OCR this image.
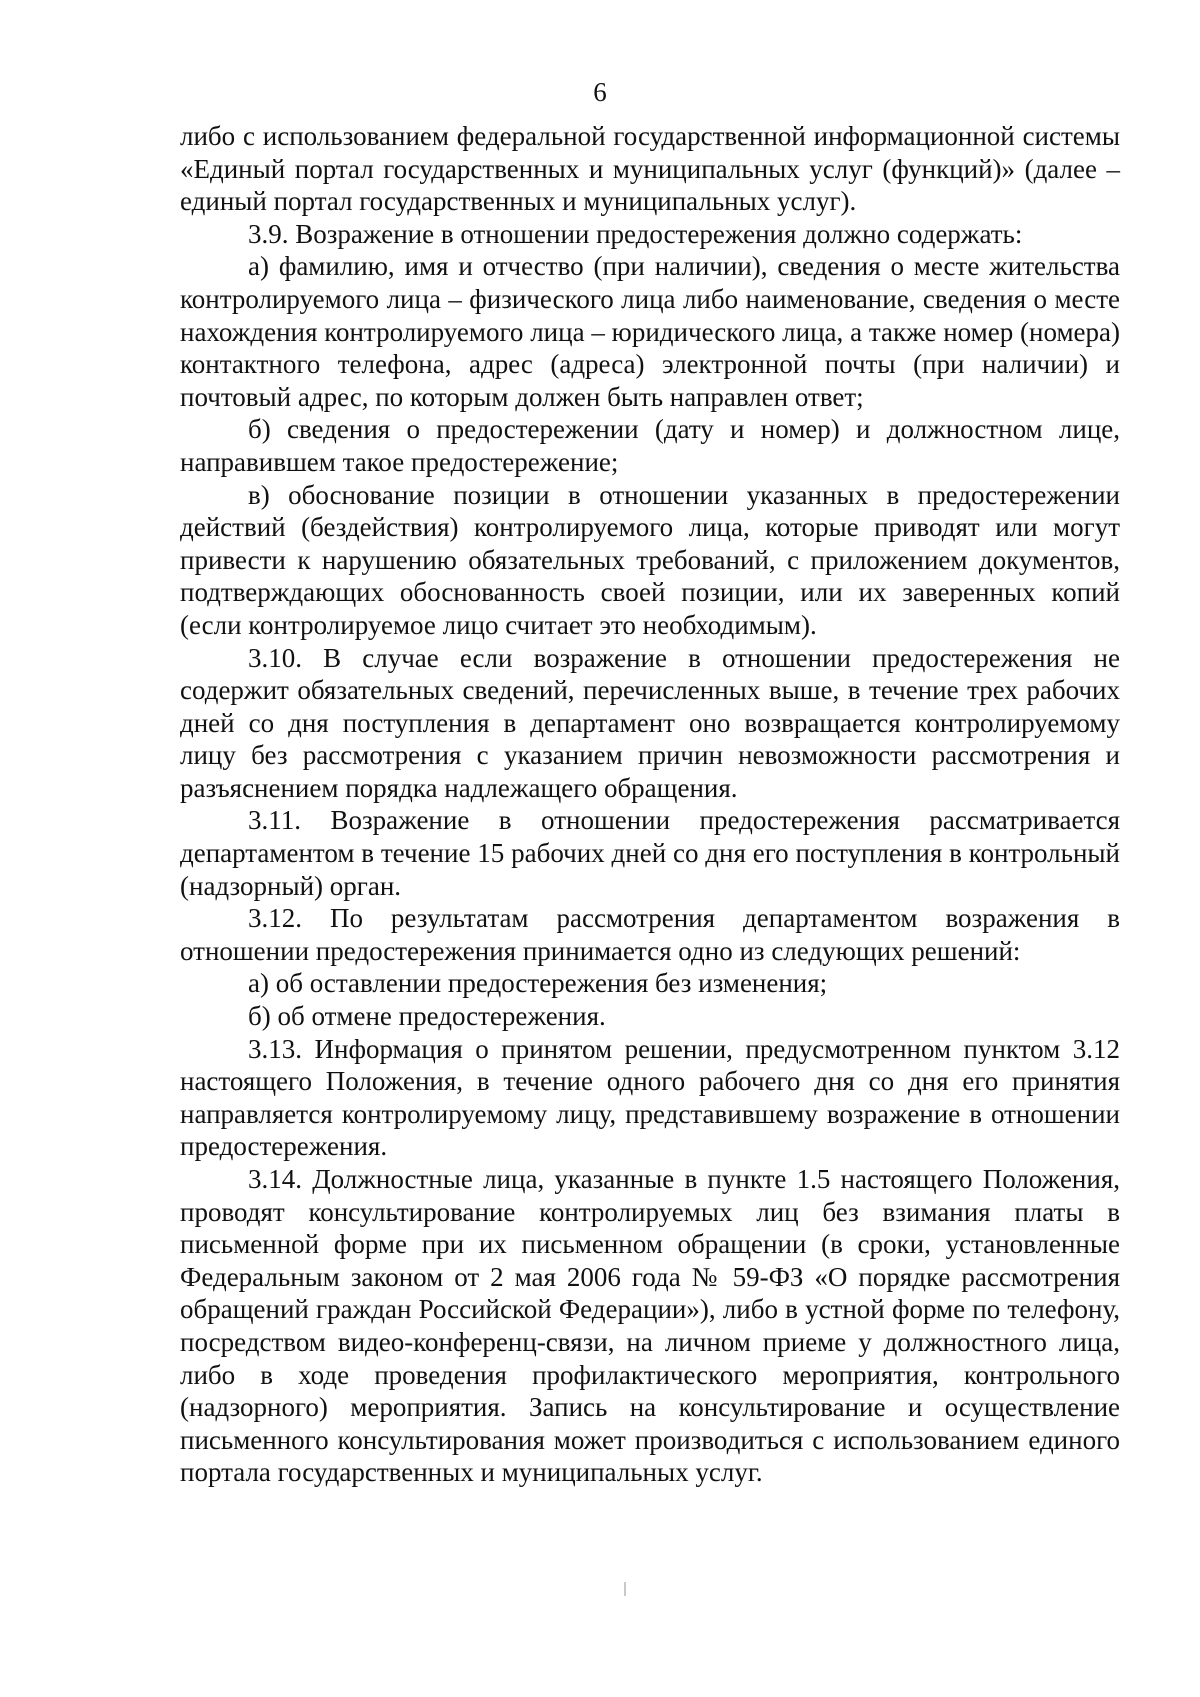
6

либо с использованием федеральной государственной информационной системы «Единый портал государственных и муниципальных услуг (функций)» (далее – единый портал государственных и муниципальных услуг).

3.9. Возражение в отношении предостережения должно содержать:

а) фамилию, имя и отчество (при наличии), сведения о месте жительства контролируемого лица – физического лица либо наименование, сведения о месте нахождения контролируемого лица – юридического лица, а также номер (номера) контактного телефона, адрес (адреса) электронной почты (при наличии) и почтовый адрес, по которым должен быть направлен ответ;

б) сведения о предостережении (дату и номер) и должностном лице, направившем такое предостережение;

в) обоснование позиции в отношении указанных в предостережении действий (бездействия) контролируемого лица, которые приводят или могут привести к нарушению обязательных требований, с приложением документов, подтверждающих обоснованность своей позиции, или их заверенных копий (если контролируемое лицо считает это необходимым).

3.10. В случае если возражение в отношении предостережения не содержит обязательных сведений, перечисленных выше, в течение трех рабочих дней со дня поступления в департамент оно возвращается контролируемому лицу без рассмотрения с указанием причин невозможности рассмотрения и разъяснением порядка надлежащего обращения.

3.11. Возражение в отношении предостережения рассматривается департаментом в течение 15 рабочих дней со дня его поступления в контрольный (надзорный) орган.

3.12. По результатам рассмотрения департаментом возражения в отношении предостережения принимается одно из следующих решений:

а) об оставлении предостережения без изменения;

б) об отмене предостережения.

3.13. Информация о принятом решении, предусмотренном пунктом 3.12 настоящего Положения, в течение одного рабочего дня со дня его принятия направляется контролируемому лицу, представившему возражение в отношении предостережения.

3.14. Должностные лица, указанные в пункте 1.5 настоящего Положения, проводят консультирование контролируемых лиц без взимания платы в письменной форме при их письменном обращении (в сроки, установленные Федеральным законом от 2 мая 2006 года № 59-ФЗ «О порядке рассмотрения обращений граждан Российской Федерации»), либо в устной форме по телефону, посредством видео-конференц-связи, на личном приеме у должностного лица, либо в ходе проведения профилактического мероприятия, контрольного (надзорного) мероприятия. Запись на консультирование и осуществление письменного консультирования может производиться с использованием единого портала государственных и муниципальных услуг.
